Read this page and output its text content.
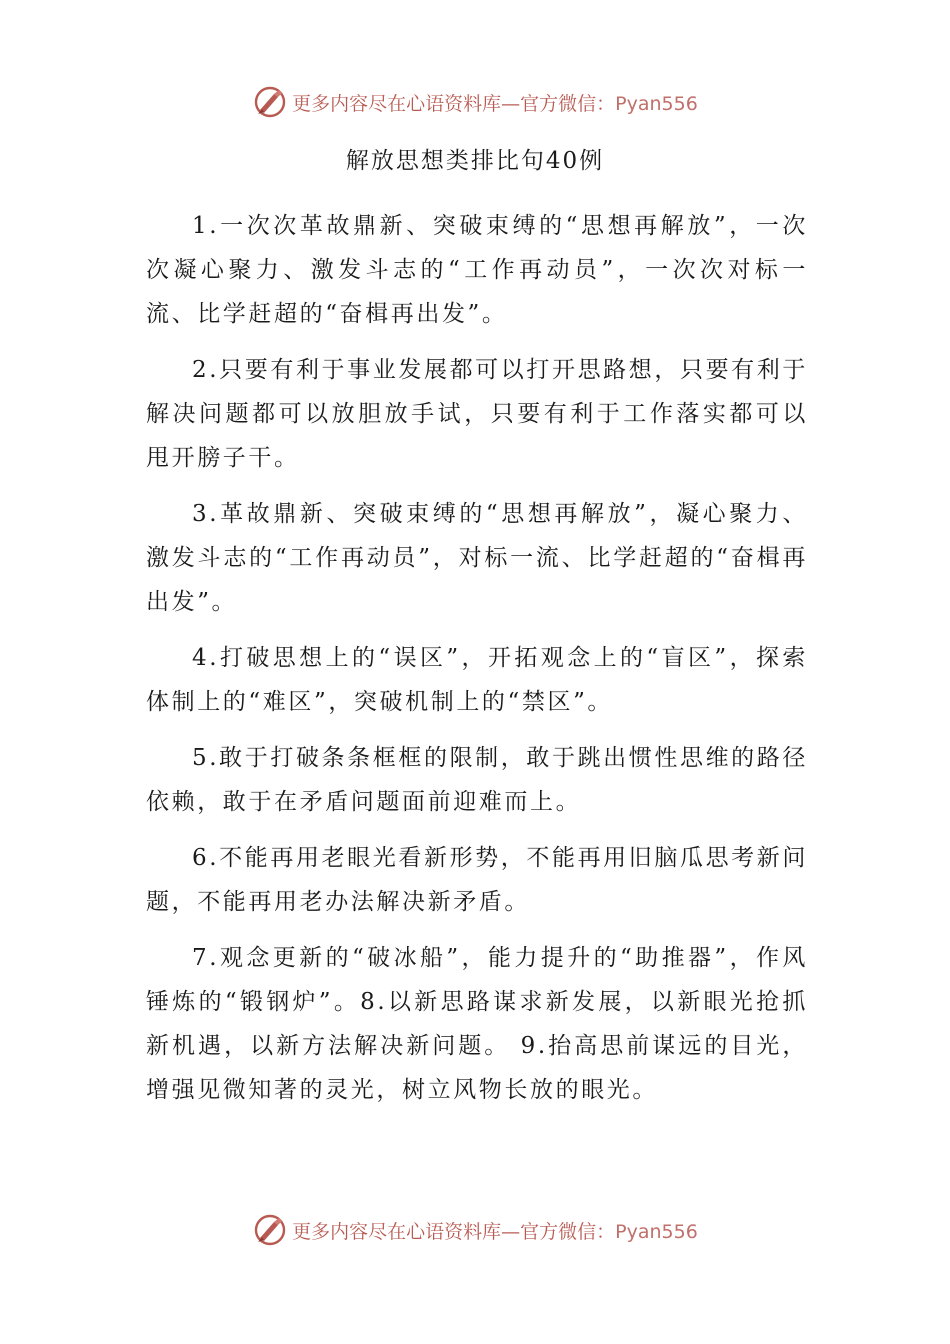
更多内容尽在心语资料库—官方微信：Pyan556
解放思想类排比句40例

1.一次次革故鼎新、突破束缚的“思想再解放”，一次次凝心聚力、激发斗志的“工作再动员”，一次次对标一流、比学赶超的“奋楫再出发”。

2.只要有利于事业发展都可以打开思路想，只要有利于解决问题都可以放胆放手试，只要有利于工作落实都可以甩开膀子干。

3.革故鼎新、突破束缚的“思想再解放”，凝心聚力、激发斗志的“工作再动员”，对标一流、比学赶超的“奋楫再出发”。

4.打破思想上的“误区”，开拓观念上的“盲区”，探索体制上的“难区”，突破机制上的“禁区”。

5.敢于打破条条框框的限制，敢于跳出惯性思维的路径依赖，敢于在矛盾问题面前迎难而上。

6.不能再用老眼光看新形势，不能再用旧脑瓜思考新问题，不能再用老办法解决新矛盾。

7.观念更新的“破冰船”，能力提升的“助推器”，作风锤炼的“锻钢炉”。8.以新思路谋求新发展，以新眼光抢抓新机遇，以新方法解决新问题。 9.抬高思前谋远的目光，增强见微知著的灵光，树立风物长放的眼光。

更多内容尽在心语资料库—官方微信：Pyan556
